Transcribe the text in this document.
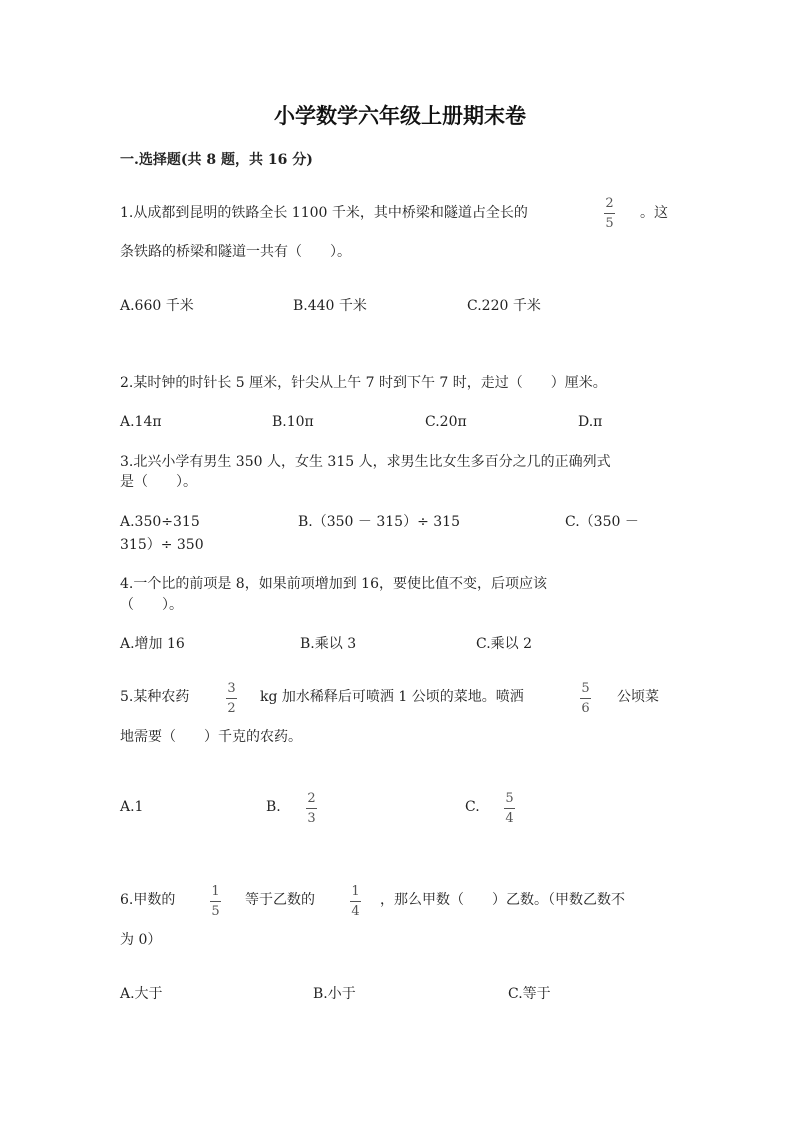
小学数学六年级上册期末卷
一.选择题(共 8 题，共 16 分)
1.从成都到昆明的铁路全长 1100 千米，其中桥梁和隧道占全长的
2
5
。这
条铁路的桥梁和隧道一共有（　　）。
A.660 千米	B.440 千米	C.220 千米
2.某时钟的时针长 5 厘米，针尖从上午 7 时到下午 7 时，走过（　　）厘米。
A.14π	B.10π	C.20π	D.π
3.北兴小学有男生 350 人，女生 315 人，求男生比女生多百分之几的正确列式
是（　　）。
A.350÷315	B.（350 － 315）÷ 315	C.（350 －
315）÷ 350
4.一个比的前项是 8，如果前项增加到 16，要使比值不变，后项应该
（　　）。
A.增加 16	B.乘以 3	C.乘以 2
5.某种农药
3
2
kg 加水稀释后可喷洒 1 公顷的菜地。喷洒
5
6
公顷菜
地需要（　　）千克的农药。
A.1	B.
2
3
C.
5
4
6.甲数的
1
5
等于乙数的
1
4
，那么甲数（　　）乙数。（甲数乙数不
为 0）
A.大于	B.小于	C.等于
